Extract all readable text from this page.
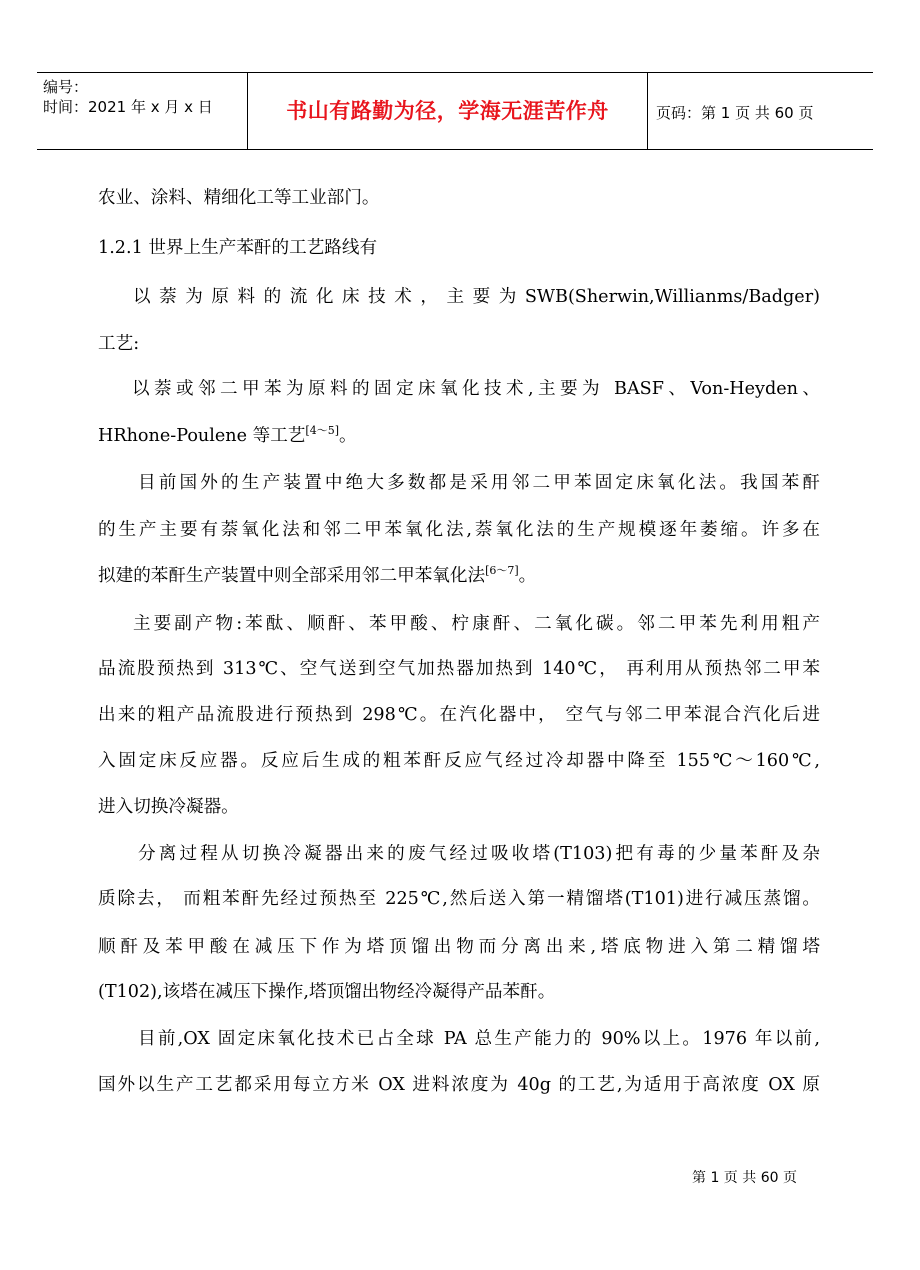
编号：
时间：2021 年 x 月 x 日	书山有路勤为径，学海无涯苦作舟	页码：第 1 页 共 60 页
农业、涂料、精细化工等工业部门。
1.2.1 世界上生产苯酐的工艺路线有
以 萘 为 原 料 的 流 化 床 技 术 ， 主 要 为 SWB(Sherwin,Willianms/Badger)
工艺:
以萘或邻二甲苯为原料的固定床氧化技术,主要为 BASF、Von-Heyden、
HRhone-Poulene 等工艺[4～5]。
目前国外的生产装置中绝大多数都是采用邻二甲苯固定床氧化法。我国苯酐
的生产主要有萘氧化法和邻二甲苯氧化法,萘氧化法的生产规模逐年萎缩。许多在
拟建的苯酐生产装置中则全部采用邻二甲苯氧化法[6～7]。
主要副产物:苯酞、顺酐、苯甲酸、柠康酐、二氧化碳。邻二甲苯先利用粗产
品流股预热到 313℃、空气送到空气加热器加热到 140℃， 再利用从预热邻二甲苯
出来的粗产品流股进行预热到 298℃。在汽化器中， 空气与邻二甲苯混合汽化后进
入固定床反应器。反应后生成的粗苯酐反应气经过冷却器中降至 155℃～160℃,
进入切换冷凝器。
分离过程从切换冷凝器出来的废气经过吸收塔(T103)把有毒的少量苯酐及杂
质除去， 而粗苯酐先经过预热至 225℃,然后送入第一精馏塔(T101)进行减压蒸馏。
顺酐及苯甲酸在减压下作为塔顶馏出物而分离出来,塔底物进入第二精馏塔
(T102),该塔在减压下操作,塔顶馏出物经冷凝得产品苯酐。
目前,OX 固定床氧化技术已占全球 PA 总生产能力的 90%以上。1976 年以前,
国外以生产工艺都采用每立方米 OX 进料浓度为 40g 的工艺,为适用于高浓度 OX 原
第 1 页 共 60 页
